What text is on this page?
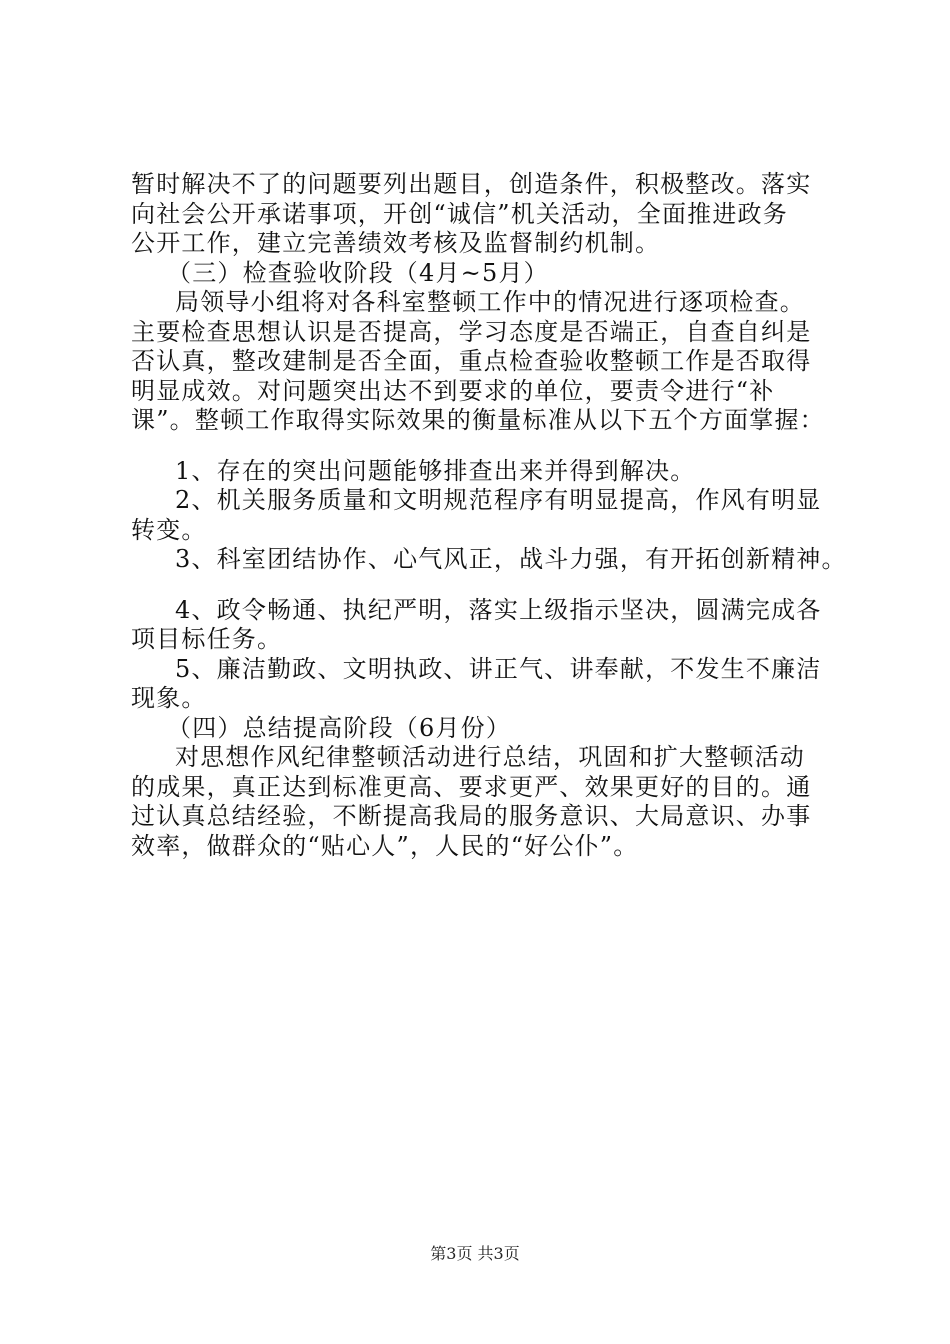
暂时解决不了的问题要列出题目，创造条件，积极整改。落实
向社会公开承诺事项，开创“诚信”机关活动，全面推进政务
公开工作，建立完善绩效考核及监督制约机制。
（三）检查验收阶段（4月~5月）
局领导小组将对各科室整顿工作中的情况进行逐项检查。
主要检查思想认识是否提高，学习态度是否端正，自查自纠是
否认真，整改建制是否全面，重点检查验收整顿工作是否取得
明显成效。对问题突出达不到要求的单位，要责令进行“补
课”。整顿工作取得实际效果的衡量标准从以下五个方面掌握：
1、存在的突出问题能够排查出来并得到解决。
2、机关服务质量和文明规范程序有明显提高，作风有明显
转变。
3、科室团结协作、心气风正，战斗力强，有开拓创新精神。
4、政令畅通、执纪严明，落实上级指示坚决，圆满完成各
项目标任务。
5、廉洁勤政、文明执政、讲正气、讲奉献，不发生不廉洁
现象。
（四）总结提高阶段（6月份）
对思想作风纪律整顿活动进行总结，巩固和扩大整顿活动
的成果，真正达到标准更高、要求更严、效果更好的目的。通
过认真总结经验，不断提高我局的服务意识、大局意识、办事
效率，做群众的“贴心人”，人民的“好公仆”。
第3页 共3页
